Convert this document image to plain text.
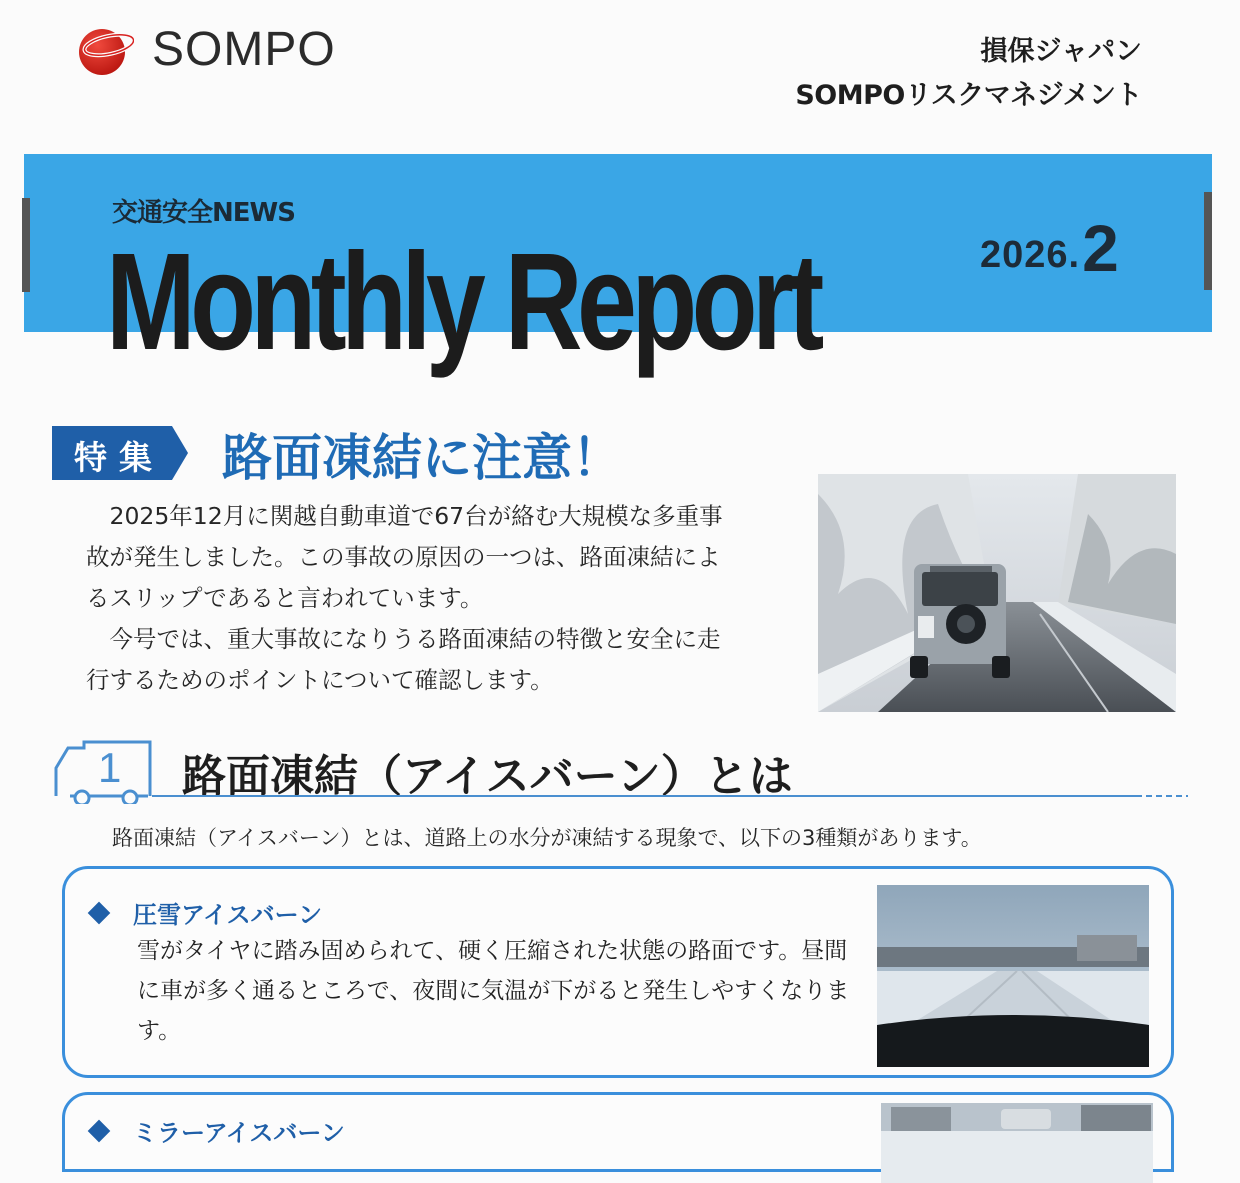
SOMPO	損保ジャパン
SOMPOリスクマネジメント
交通安全NEWS
Monthly Report	2026.2
特集 路面凍結に注意！

2025年12月に関越自動車道で67台が絡む大規模な多重事故が発生しました。この事故の原因の一つは、路面凍結によるスリップであると言われています。

今号では、重大事故になりうる路面凍結の特徴と安全に走行するためのポイントについて確認します。

1 路面凍結（アイスバーン）とは
路面凍結（アイスバーン）とは、道路上の水分が凍結する現象で、以下の3種類があります。
圧雪アイスバーン
雪がタイヤに踏み固められて、硬く圧縮された状態の路面です。昼間に車が多く通るところで、夜間に気温が下がると発生しやすくなります。
ミラーアイスバーン
